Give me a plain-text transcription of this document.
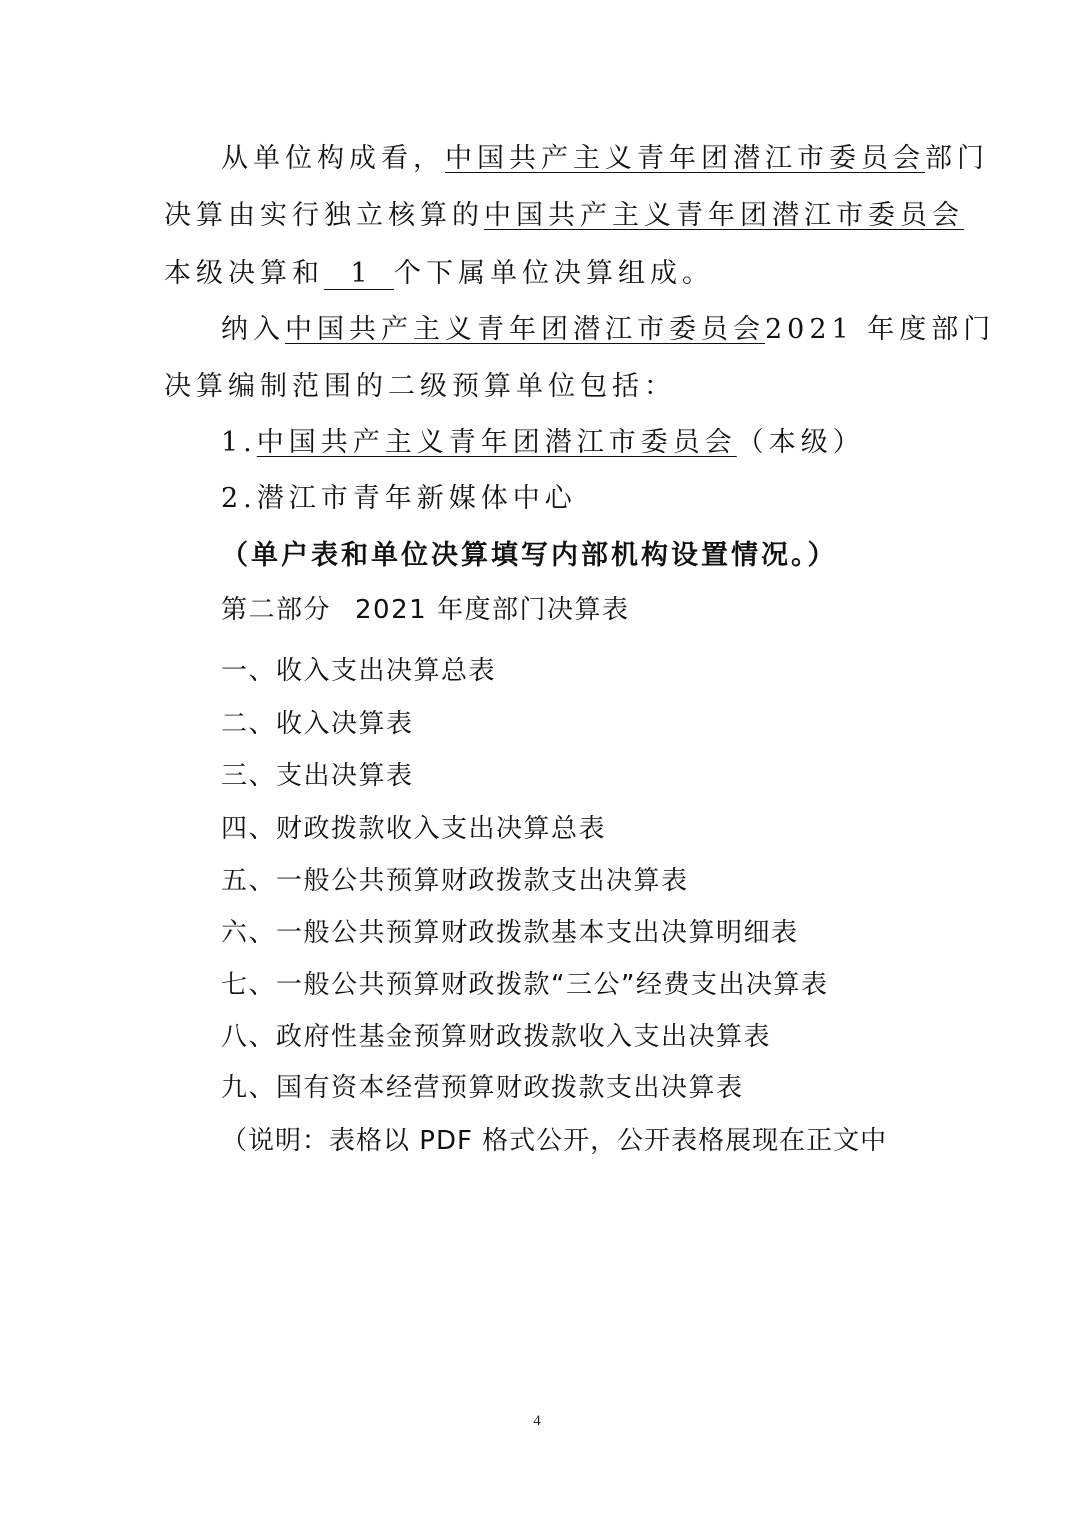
从单位构成看，中国共产主义青年团潜江市委员会部门
决算由实行独立核算的中国共产主义青年团潜江市委员会
本级决算和 1 个下属单位决算组成。
纳入中国共产主义青年团潜江市委员会2021 年度部门
决算编制范围的二级预算单位包括：
1.中国共产主义青年团潜江市委员会（本级）
2.潜江市青年新媒体中心
（单户表和单位决算填写内部机构设置情况。）
第二部分 2021 年度部门决算表
一、收入支出决算总表
二、收入决算表
三、支出决算表
四、财政拨款收入支出决算总表
五、一般公共预算财政拨款支出决算表
六、一般公共预算财政拨款基本支出决算明细表
七、一般公共预算财政拨款“三公”经费支出决算表
八、政府性基金预算财政拨款收入支出决算表
九、国有资本经营预算财政拨款支出决算表
（说明：表格以 PDF 格式公开，公开表格展现在正文中
4
